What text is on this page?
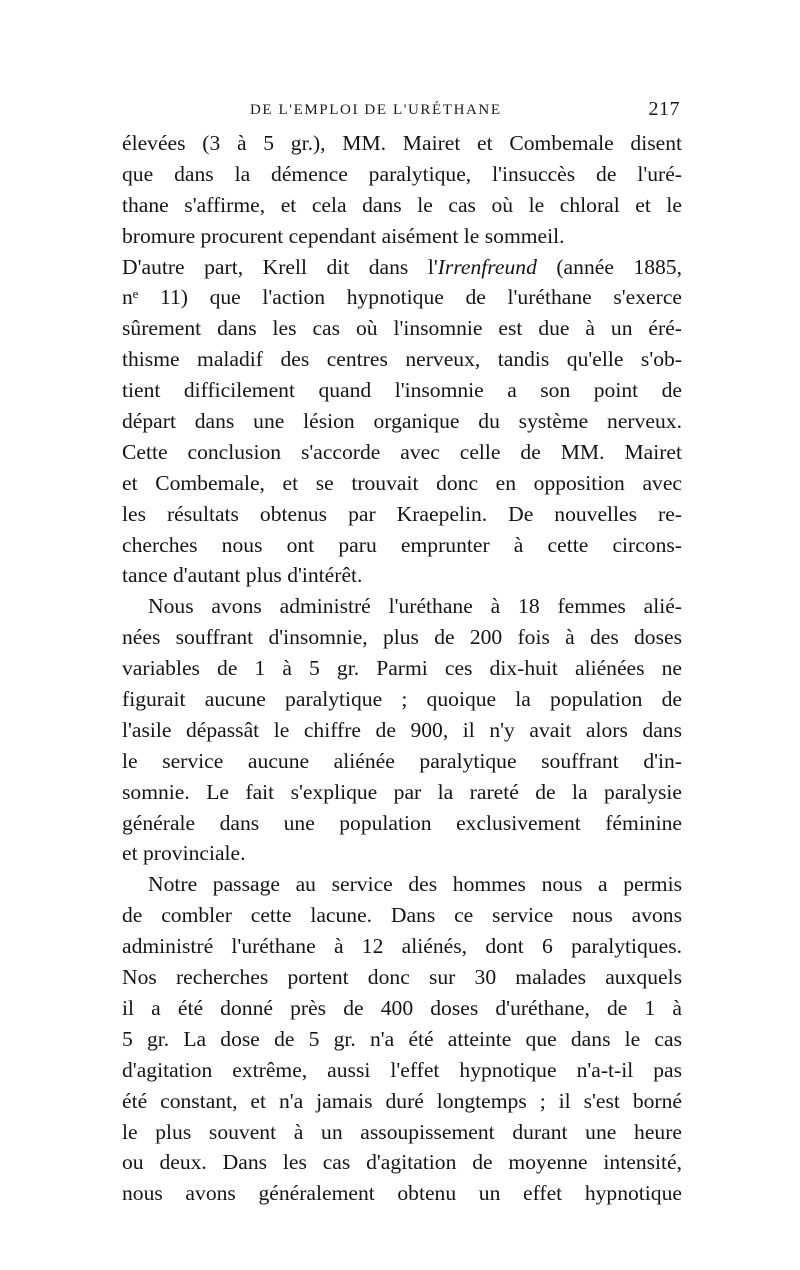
DE L'EMPLOI DE L'URÉTHANE	217
élevées (3 à 5 gr.), MM. Mairet et Combemale disent
que dans la démence paralytique, l'insuccès de l'uré-
thane s'affirme, et cela dans le cas où le chloral et le
bromure procurent cependant aisément le sommeil.
D'autre part, Krell dit dans l'Irrenfreund (année 1885,
nᵉ 11) que l'action hypnotique de l'uréthane s'exerce
sûrement dans les cas où l'insomnie est due à un éré-
thisme maladif des centres nerveux, tandis qu'elle s'ob-
tient difficilement quand l'insomnie a son point de
départ dans une lésion organique du système nerveux.
Cette conclusion s'accorde avec celle de MM. Mairet
et Combemale, et se trouvait donc en opposition avec
les résultats obtenus par Kraepelin. De nouvelles re-
cherches nous ont paru emprunter à cette circons-
tance d'autant plus d'intérêt.
Nous avons administré l'uréthane à 18 femmes alié-
nées souffrant d'insomnie, plus de 200 fois à des doses
variables de 1 à 5 gr. Parmi ces dix-huit aliénées ne
figurait aucune paralytique ; quoique la population de
l'asile dépassât le chiffre de 900, il n'y avait alors dans
le service aucune aliénée paralytique souffrant d'in-
somnie. Le fait s'explique par la rareté de la paralysie
générale dans une population exclusivement féminine
et provinciale.
Notre passage au service des hommes nous a permis
de combler cette lacune. Dans ce service nous avons
administré l'uréthane à 12 aliénés, dont 6 paralytiques.
Nos recherches portent donc sur 30 malades auxquels
il a été donné près de 400 doses d'uréthane, de 1 à
5 gr. La dose de 5 gr. n'a été atteinte que dans le cas
d'agitation extrême, aussi l'effet hypnotique n'a-t-il pas
été constant, et n'a jamais duré longtemps ; il s'est borné
le plus souvent à un assoupissement durant une heure
ou deux. Dans les cas d'agitation de moyenne intensité,
nous avons généralement obtenu un effet hypnotique
